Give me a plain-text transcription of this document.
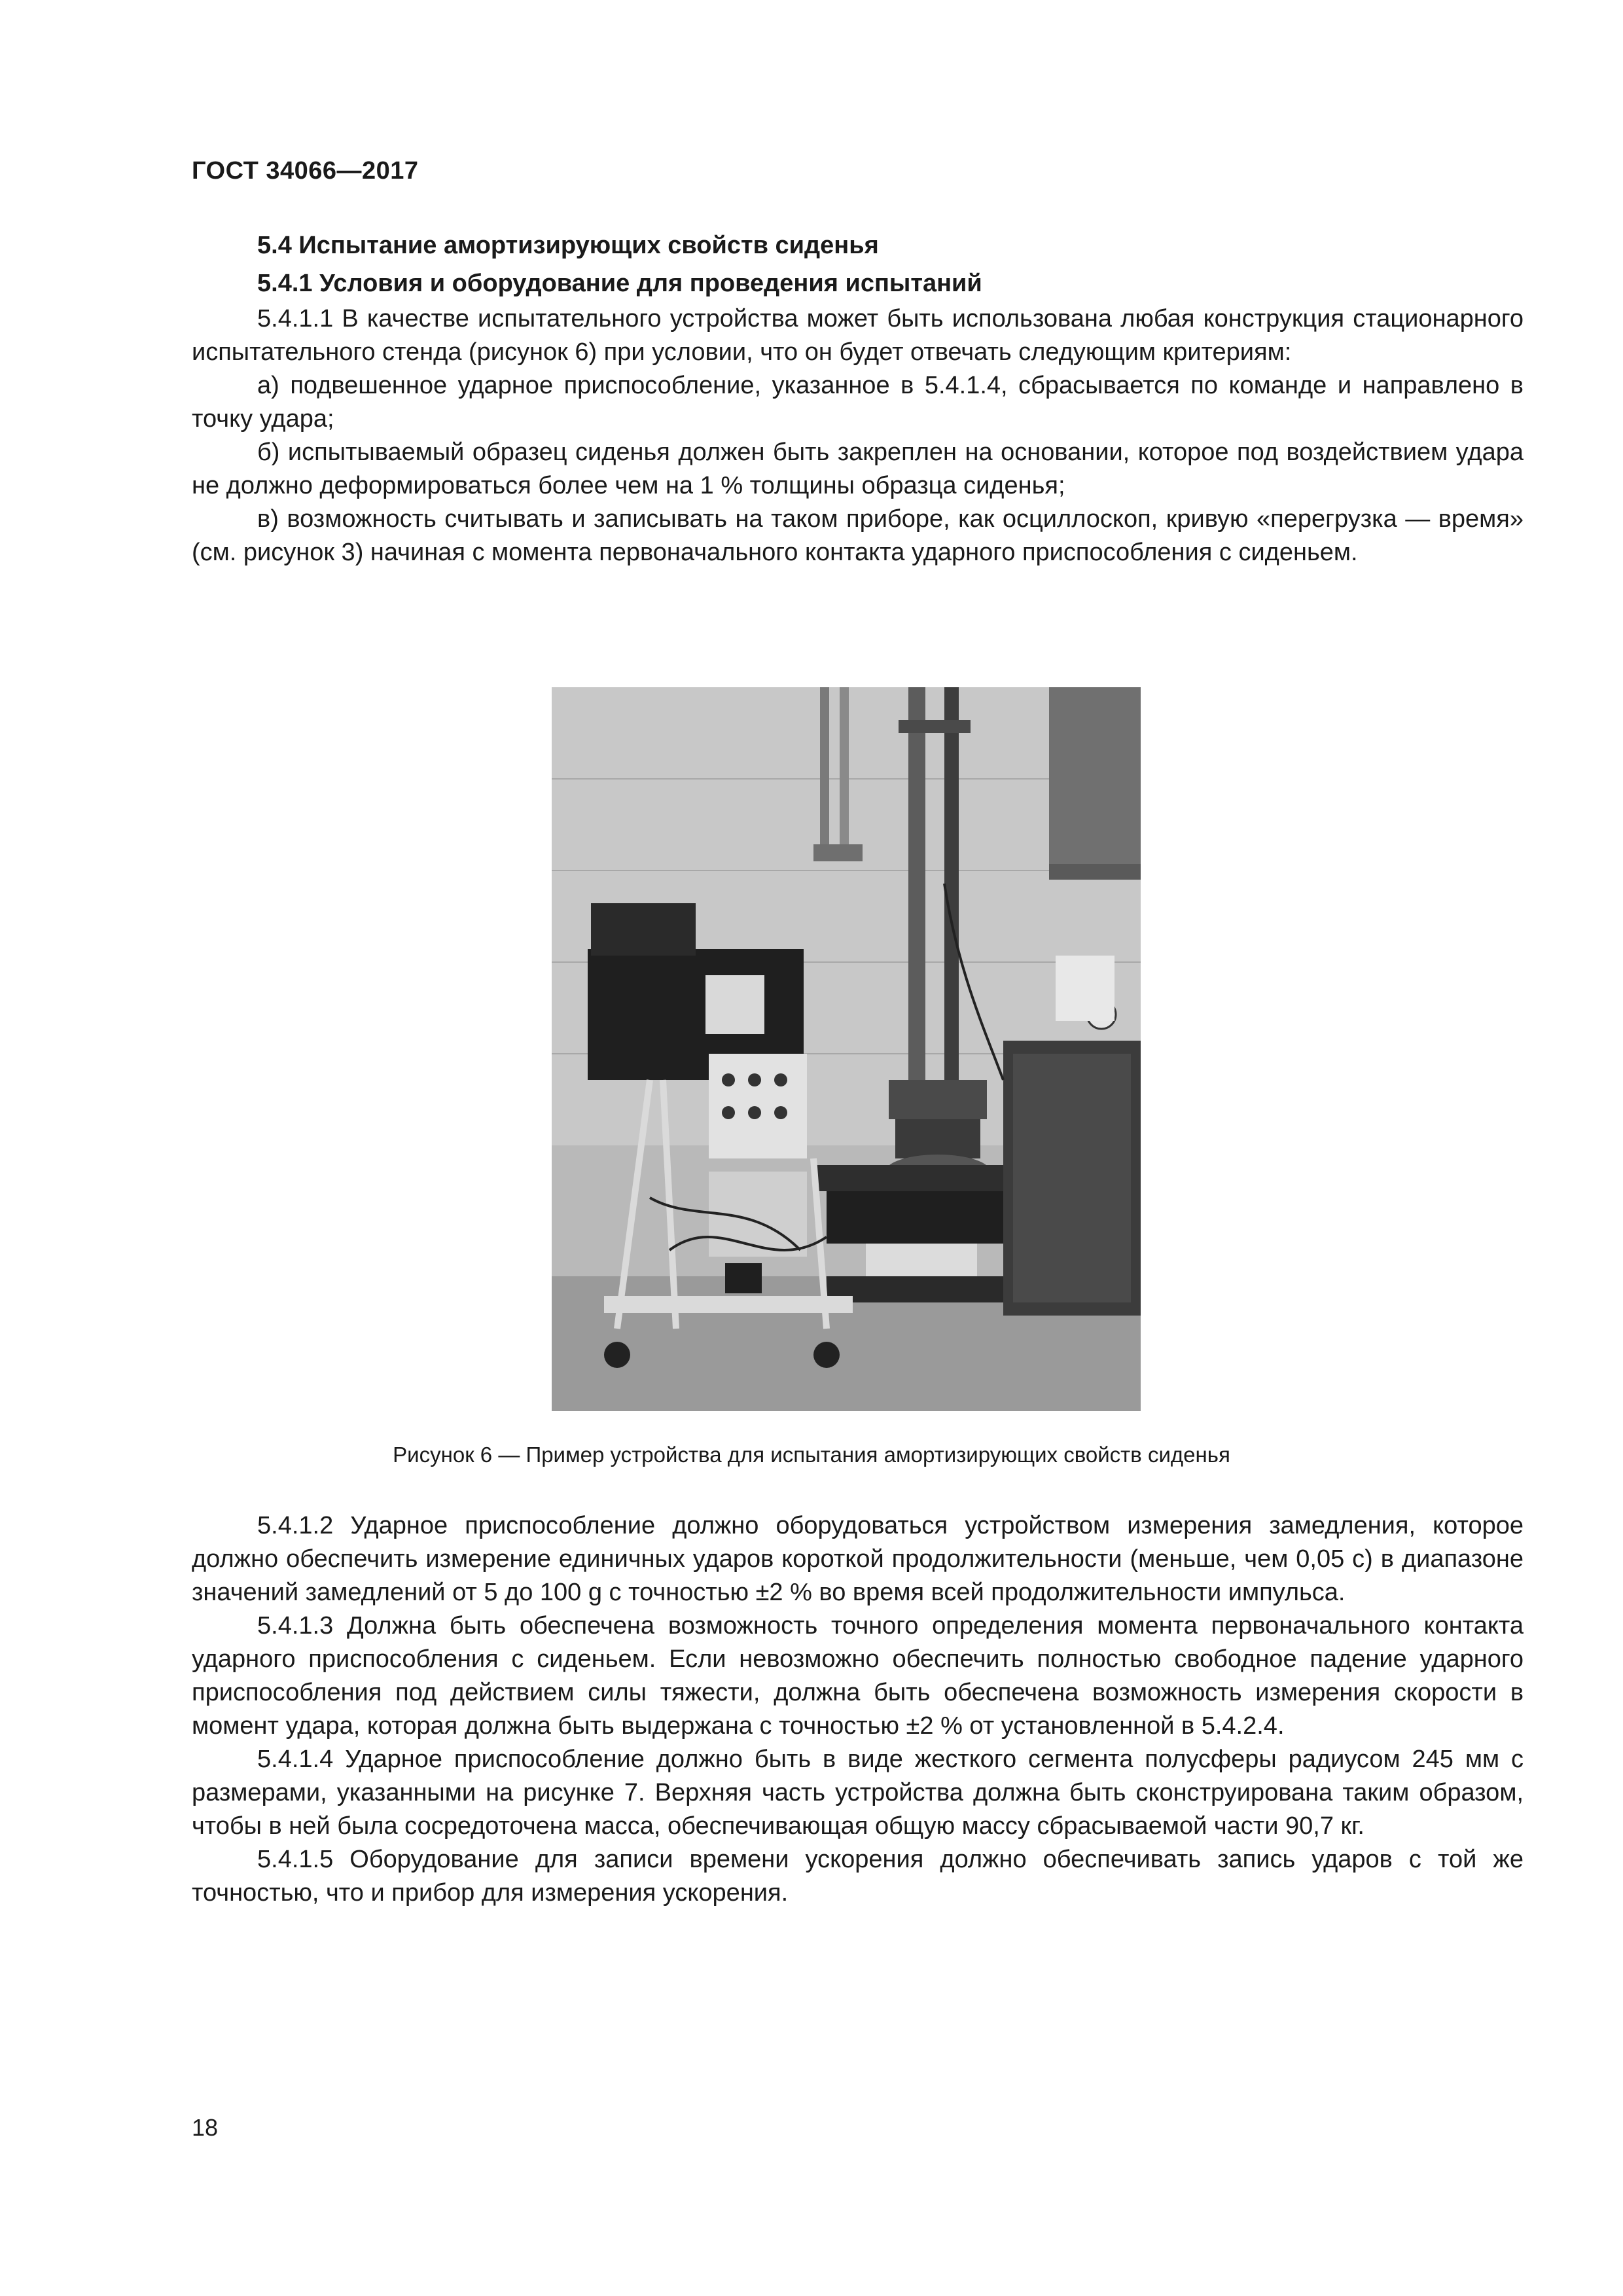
ГОСТ 34066—2017
5.4 Испытание амортизирующих свойств сиденья
5.4.1 Условия и оборудование для проведения испытаний

5.4.1.1 В качестве испытательного устройства может быть использована любая конструкция стационарного испытательного стенда (рисунок 6) при условии, что он будет отвечать следующим критериям:

а) подвешенное ударное приспособление, указанное в 5.4.1.4, сбрасывается по команде и направлено в точку удара;

б) испытываемый образец сиденья должен быть закреплен на основании, которое под воздействием удара не должно деформироваться более чем на 1 % толщины образца сиденья;

в) возможность считывать и записывать на таком приборе, как осциллоскоп, кривую «перегрузка — время» (см. рисунок 3) начиная с момента первоначального контакта ударного приспособления с сиденьем.

Рисунок 6 — Пример устройства для испытания амортизирующих свойств сиденья

5.4.1.2 Ударное приспособление должно оборудоваться устройством измерения замедления, которое должно обеспечить измерение единичных ударов короткой продолжительности (меньше, чем 0,05 с) в диапазоне значений замедлений от 5 до 100 g с точностью ±2 % во время всей продолжительности импульса.

5.4.1.3 Должна быть обеспечена возможность точного определения момента первоначального контакта ударного приспособления с сиденьем. Если невозможно обеспечить полностью свободное падение ударного приспособления под действием силы тяжести, должна быть обеспечена возможность измерения скорости в момент удара, которая должна быть выдержана с точностью ±2 % от установленной в 5.4.2.4.

5.4.1.4 Ударное приспособление должно быть в виде жесткого сегмента полусферы радиусом 245 мм с размерами, указанными на рисунке 7. Верхняя часть устройства должна быть сконструирована таким образом, чтобы в ней была сосредоточена масса, обеспечивающая общую массу сбрасываемой части 90,7 кг.

5.4.1.5 Оборудование для записи времени ускорения должно обеспечивать запись ударов с той же точностью, что и прибор для измерения ускорения.

18
